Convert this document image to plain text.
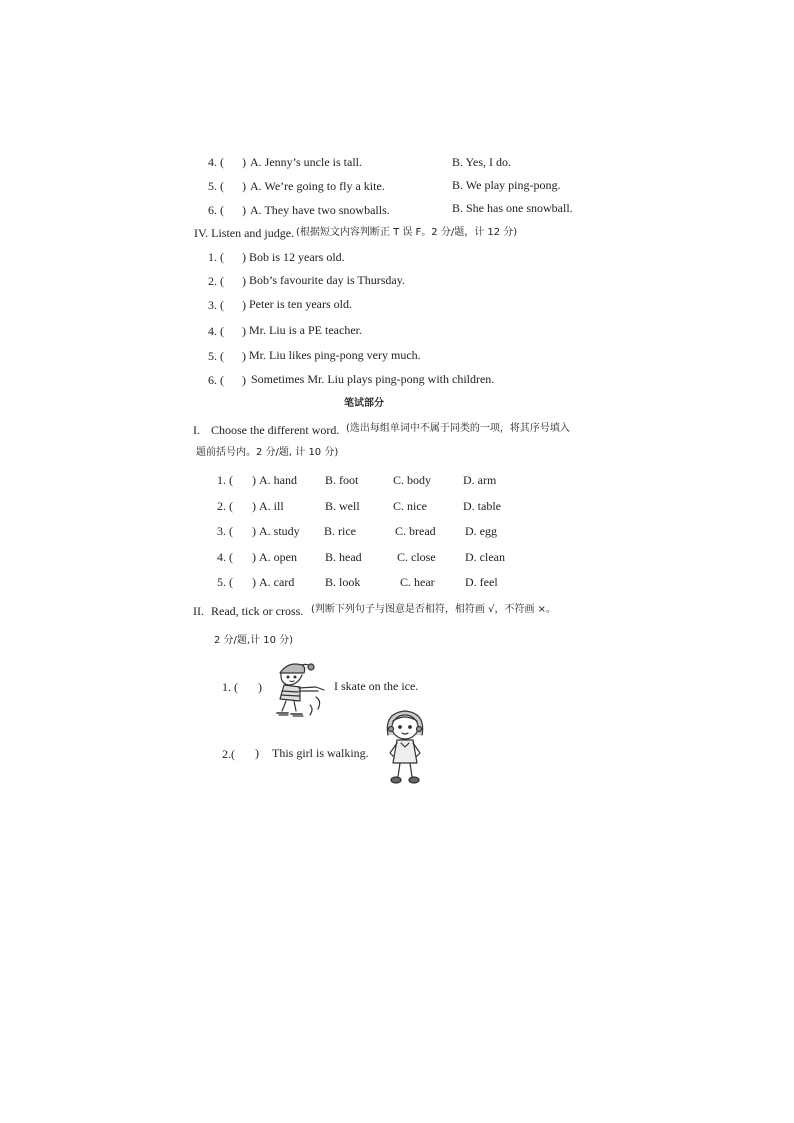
4. ( ) A. Jenny’s uncle is tall.	B. Yes, I do.
5. ( ) A. We’re going to fly a kite.	B. We play ping-pong.
6. ( ) A. They have two snowballs.	B. She has one snowball.
IV. Listen and judge. (根据短文内容判断正 T 误 F。2 分/题，计 12 分)
1. ( ) Bob is 12 years old.
2. ( ) Bob’s favourite day is Thursday.
3. ( ) Peter is ten years old.
4. ( ) Mr. Liu is a PE teacher.
5. ( ) Mr. Liu likes ping-pong very much.
6. ( ) Sometimes Mr. Liu plays ping-pong with children.
笔试部分
I. Choose the different word. (选出每组单词中不属于同类的一项，将其序号填入
题前括号内。2 分/题, 计 10 分)
1. ( ) A. hand B. foot	C. body	D. arm
2. ( ) A. ill	B. well	C. nice	D. table
3. ( ) A. study B. rice	C. bread D. egg
4. ( ) A. open B. head	C. close D. clean
5. ( ) A. card	B. look	C. hear	D. feel
II. Read, tick or cross. (判断下列句子与图意是否相符，相符画 √，不符画 ×。
2 分/题,计 10 分)
1. ( )	I skate on the ice.
2.( ) This girl is walking.
